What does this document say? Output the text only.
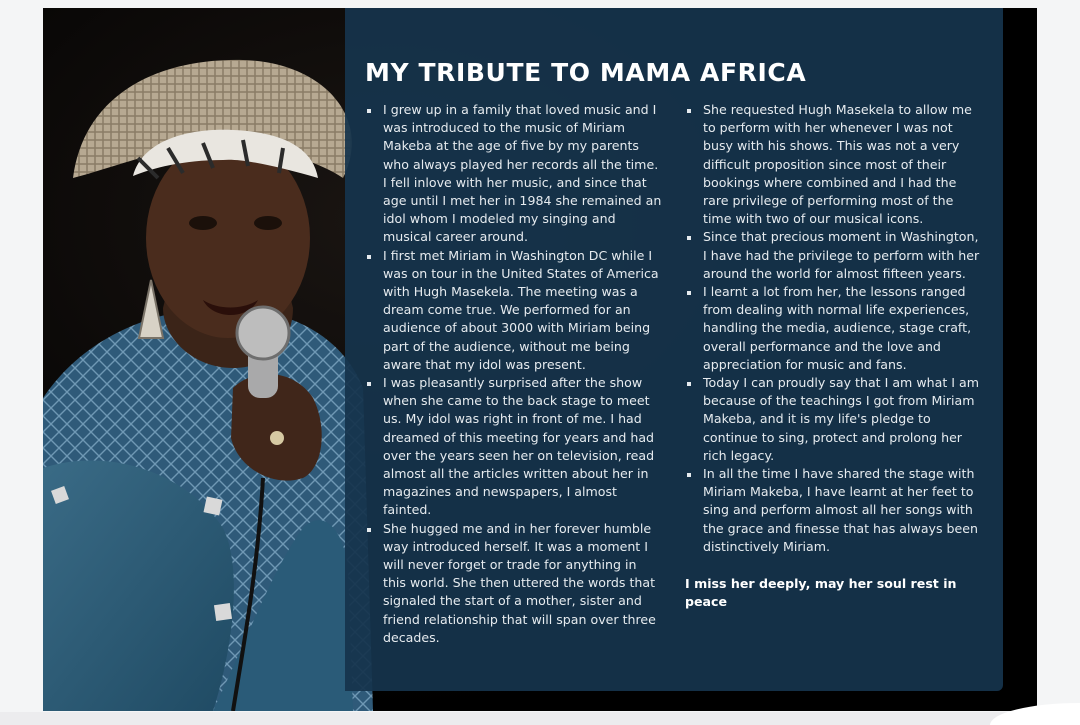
MY TRIBUTE TO MAMA AFRICA
I grew up in a family that loved music and I was introduced to the music of Miriam Makeba at the age of five by my parents who always played her records all the time. I fell inlove with her music, and since that age until I met her in 1984 she remained an idol whom I modeled my singing and musical career around.
I first met Miriam in Washington DC while I was on tour in the United States of America with Hugh Masekela. The meeting was a dream come true. We performed for an audience of about 3000 with Miriam being part of the audience, without me being aware that my idol was present.
I was pleasantly surprised after the show when she came to the back stage to meet us. My idol was right in front of me. I had dreamed of this meeting for years and had over the years seen her on television, read almost all the articles written about her in magazines and newspapers, I almost fainted.
She hugged me and in her forever humble way introduced herself. It was a moment I will never forget or trade for anything in this world. She then uttered the words that signaled the start of a mother, sister and friend relationship that will span over three decades.
She requested Hugh Masekela to allow me to perform with her whenever I was not busy with his shows. This was not a very difficult proposition since most of their bookings where combined and I had the rare privilege of performing most of the time with two of our musical icons.
Since that precious moment in Washington, I have had the privilege to perform with her around the world for almost fifteen years.
I learnt a lot from her, the lessons ranged from dealing with normal life experiences, handling the media, audience, stage craft, overall performance and the love and appreciation for music and fans.
Today I can proudly say that I am what I am because of the teachings I got from Miriam Makeba, and it is my life's pledge to continue to sing, protect and prolong her rich legacy.
In all the time I have shared the stage with Miriam Makeba, I have learnt at her feet to sing and perform almost all her songs with the grace and finesse that has always been distinctively Miriam.
I miss her deeply, may her soul rest in peace
